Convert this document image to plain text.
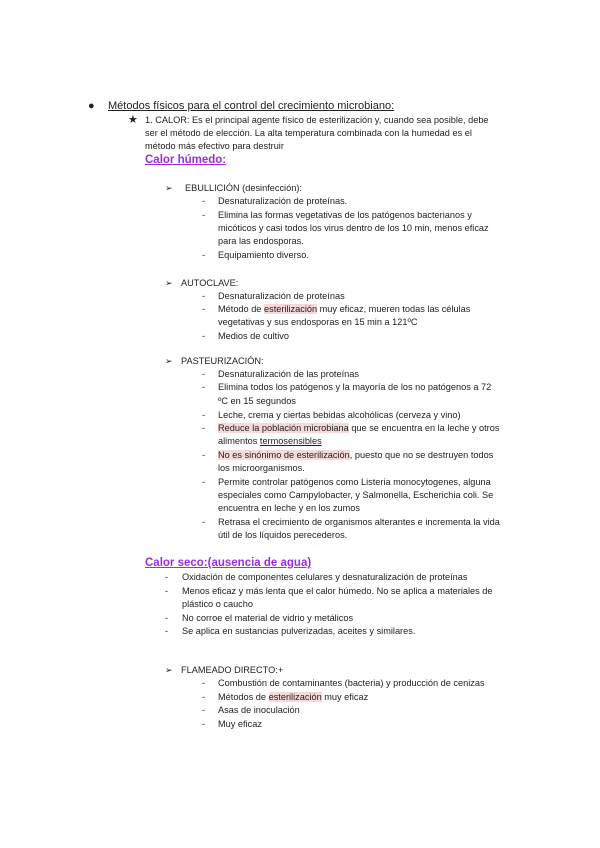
● Métodos físicos para el control del crecimiento microbiano:
★ 1. CALOR: Es el principal agente físico de esterilización y, cuando sea posible, debe
ser el método de elección. La alta temperatura combinada con la humedad es el
método más efectivo para destruir
Calor húmedo:
➢ EBULLICIÓN (desinfección):
- Desnaturalización de proteínas.
- Elimina las formas vegetativas de los patógenos bacterianos y
micóticos y casi todos los virus dentro de los 10 min, menos eficaz
para las endosporas.
- Equipamiento diverso.
➢ AUTOCLAVE:
- Desnaturalización de proteínas
- Método de esterilización muy eficaz, mueren todas las células
vegetativas y sus endosporas en 15 min a 121ºC
- Medios de cultivo
➢ PASTEURIZACIÓN:
- Desnaturalización de las proteínas
- Elimina todos los patógenos y la mayoría de los no patógenos a 72
ºC en 15 segundos
- Leche, crema y ciertas bebidas alcohólicas (cerveza y vino)
- Reduce la población microbiana que se encuentra en la leche y otros
alimentos termosensibles
- No es sinónimo de esterilización, puesto que no se destruyen todos
los microorganismos.
- Permite controlar patógenos como Listeria monocytogenes, alguna
especiales como Campylobacter, y Salmonella, Escherichia coli. Se
encuentra en leche y en los zumos
- Retrasa el crecimiento de organismos alterantes e incrementa la vida
útil de los líquidos perecederos.
Calor seco:(ausencia de agua)
- Oxidación de componentes celulares y desnaturalización de proteínas
- Menos eficaz y más lenta que el calor húmedo. No se aplica a materiales de
plástico o caucho
- No corroe el material de vidrio y metálicos
- Se aplica en sustancias pulverizadas, aceites y similares.
➢ FLAMEADO DIRECTO:+
- Combustión de contaminantes (bacteria) y producción de cenizas
- Métodos de esterilización muy eficaz
- Asas de inoculación
- Muy eficaz
